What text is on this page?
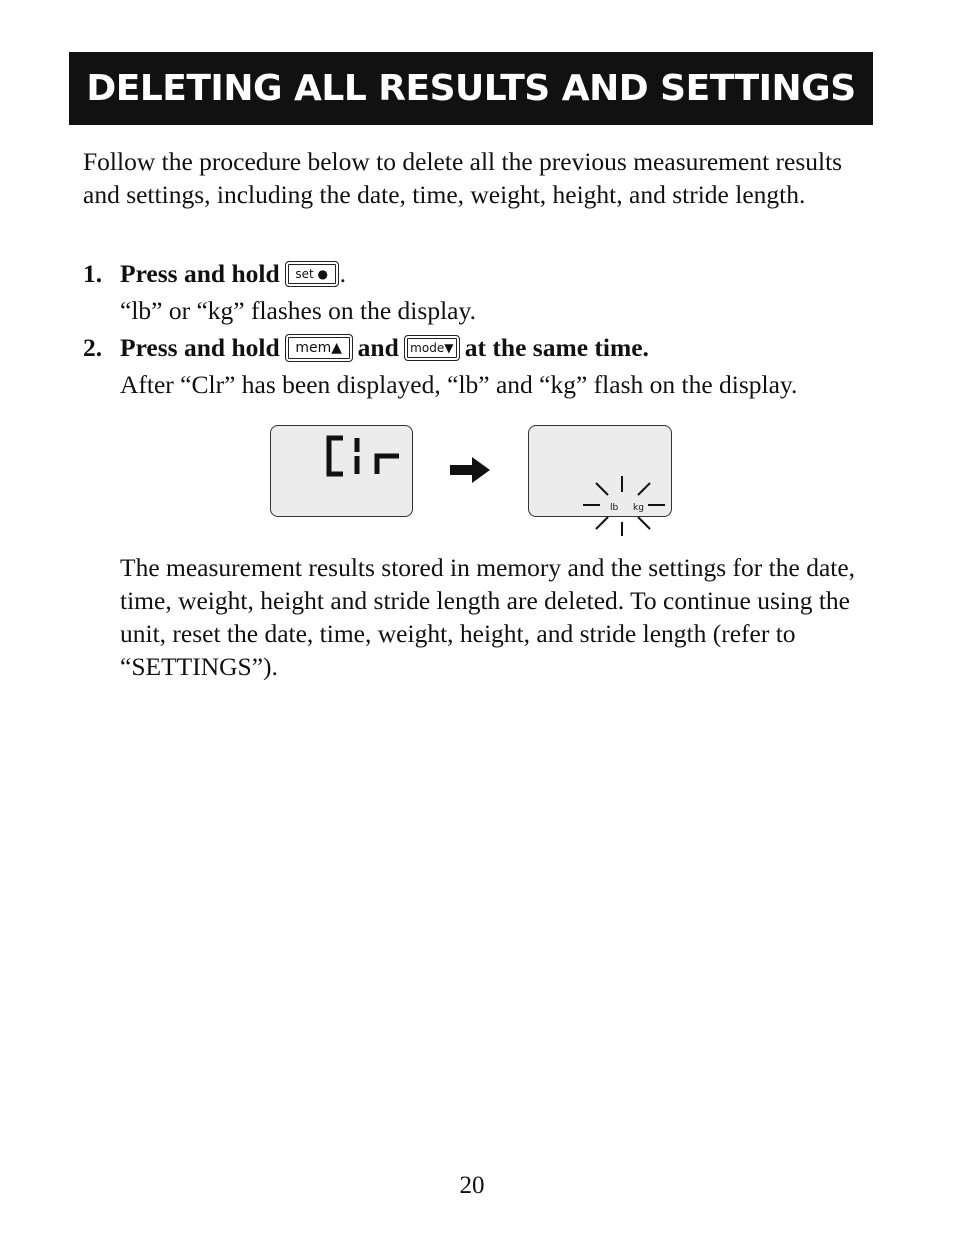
DELETING ALL RESULTS AND SETTINGS

Follow the procedure below to delete all the previous measurement results and settings, including the date, time, weight, height, and stride length.

1. Press and hold	set ● .
“lb” or “kg” flashes on the display.
2. Press and hold	mem▲ and mode▼ at the same time.
After “Clr” has been displayed, “lb” and “kg” flash on the display.
lb kg

The measurement results stored in memory and the settings for the date, time, weight, height and stride length are deleted. To continue using the unit, reset the date, time, weight, height, and stride length (refer to “SETTINGS”).

20
